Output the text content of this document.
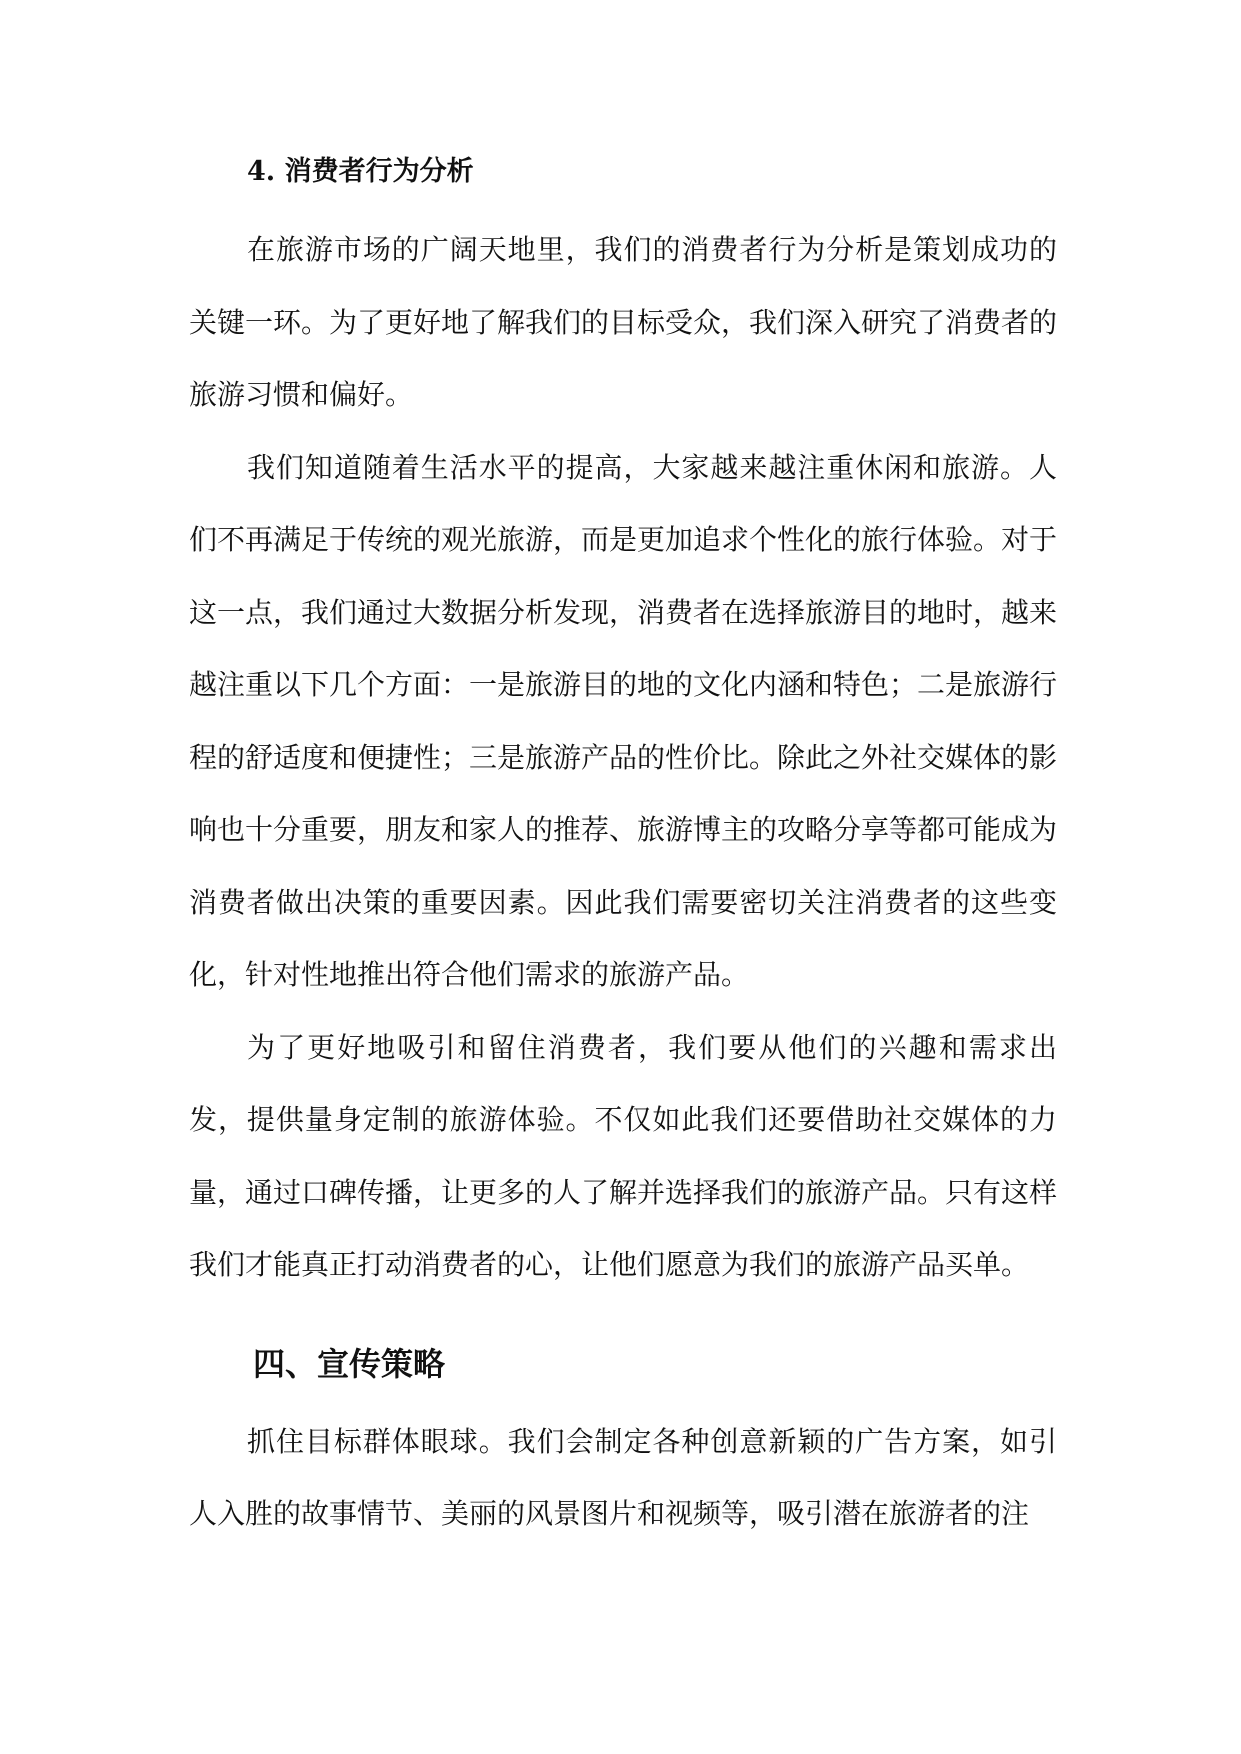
4. 消费者行为分析

在旅游市场的广阔天地里，我们的消费者行为分析是策划成功的关键一环。为了更好地了解我们的目标受众，我们深入研究了消费者的旅游习惯和偏好。

我们知道随着生活水平的提高，大家越来越注重休闲和旅游。人们不再满足于传统的观光旅游，而是更加追求个性化的旅行体验。对于这一点，我们通过大数据分析发现，消费者在选择旅游目的地时，越来越注重以下几个方面：一是旅游目的地的文化内涵和特色；二是旅游行程的舒适度和便捷性；三是旅游产品的性价比。除此之外社交媒体的影响也十分重要，朋友和家人的推荐、旅游博主的攻略分享等都可能成为消费者做出决策的重要因素。因此我们需要密切关注消费者的这些变化，针对性地推出符合他们需求的旅游产品。

为了更好地吸引和留住消费者，我们要从他们的兴趣和需求出发，提供量身定制的旅游体验。不仅如此我们还要借助社交媒体的力量，通过口碑传播，让更多的人了解并选择我们的旅游产品。只有这样我们才能真正打动消费者的心，让他们愿意为我们的旅游产品买单。

四、宣传策略

抓住目标群体眼球。我们会制定各种创意新颖的广告方案，如引人入胜的故事情节、美丽的风景图片和视频等，吸引潜在旅游者的注
